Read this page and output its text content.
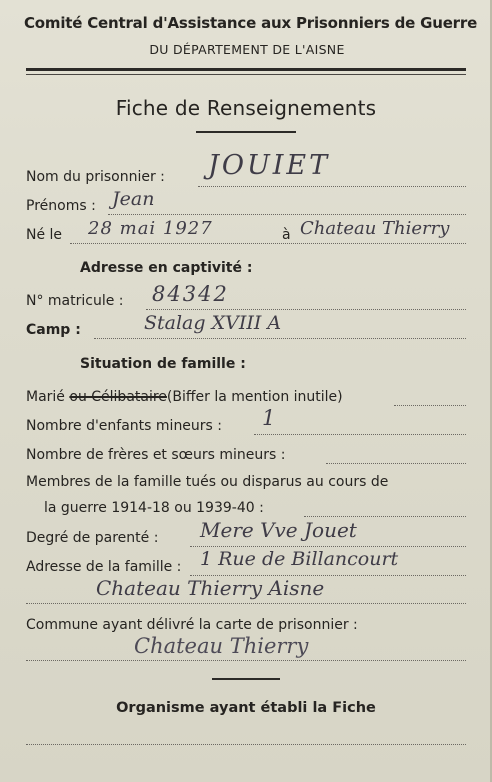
Comité Central d'Assistance aux Prisonniers de Guerre
DU DÉPARTEMENT DE L'AISNE
Fiche de Renseignements
Nom du prisonnier : JOUIET
Prénoms : Jean
Né le 28 mai 1927	à Chateau Thierry
Adresse en captivité :
N° matricule : 84342
Camp :	Stalag XVIII A
Situation de famille :
Marié ou Célibataire(Biffer la mention inutile)
Nombre d'enfants mineurs : 1
Nombre de frères et sœurs mineurs :
Membres de la famille tués ou disparus au cours de
la guerre 1914-18 ou 1939-40 :
Degré de parenté : Mere Vve Jouet
Adresse de la famille : 1 Rue de Billancourt
Chateau Thierry Aisne
Commune ayant délivré la carte de prisonnier :
Chateau Thierry
Organisme ayant établi la Fiche
